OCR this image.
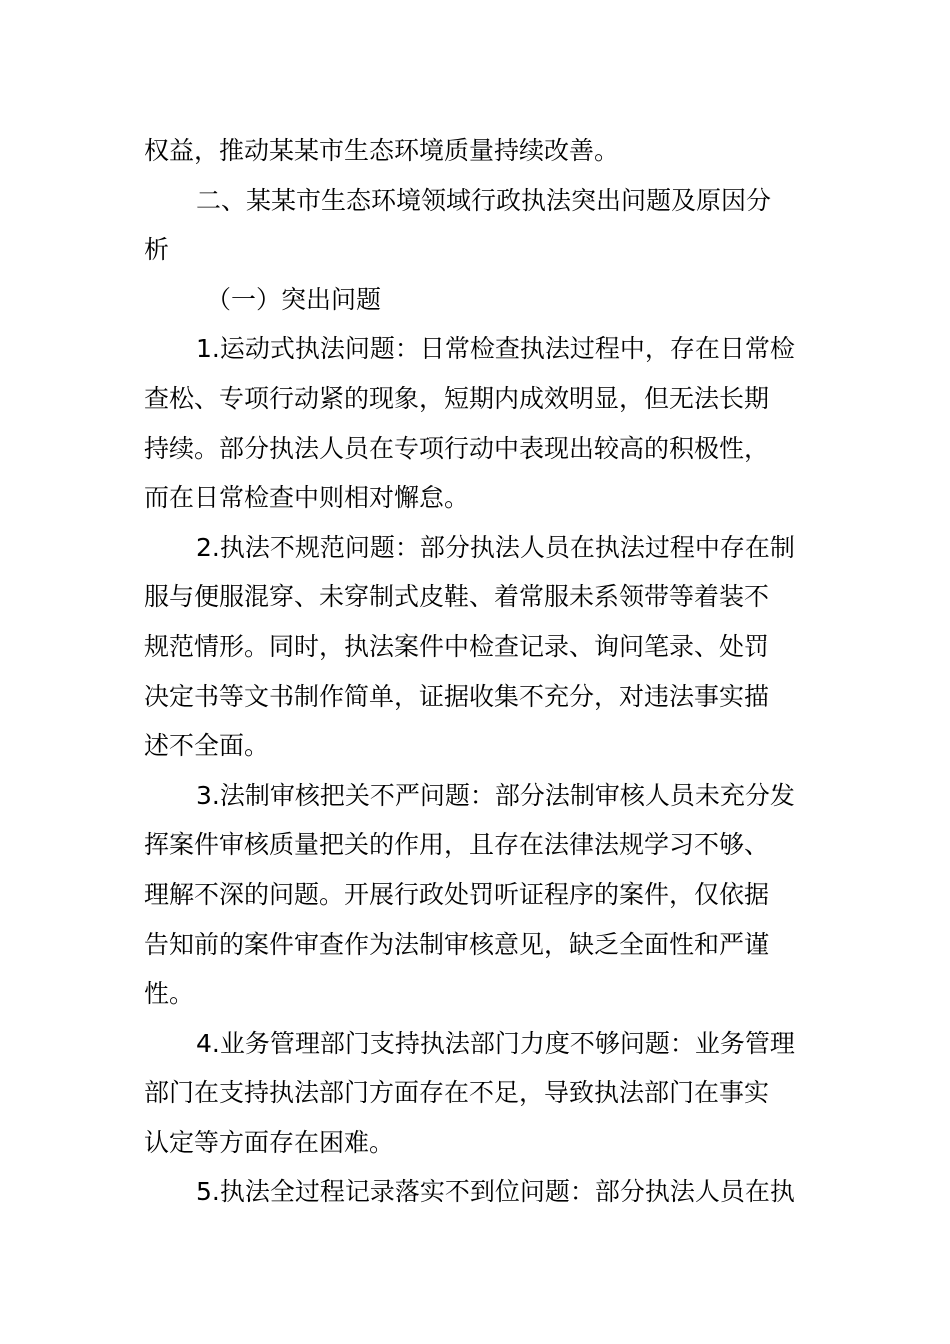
权益，推动某某市生态环境质量持续改善。
二、某某市生态环境领域行政执法突出问题及原因分
析
（一）突出问题
1.运动式执法问题：日常检查执法过程中，存在日常检
查松、专项行动紧的现象，短期内成效明显，但无法长期
持续。部分执法人员在专项行动中表现出较高的积极性，
而在日常检查中则相对懈怠。
2.执法不规范问题：部分执法人员在执法过程中存在制
服与便服混穿、未穿制式皮鞋、着常服未系领带等着装不
规范情形。同时，执法案件中检查记录、询问笔录、处罚
决定书等文书制作简单，证据收集不充分，对违法事实描
述不全面。
3.法制审核把关不严问题：部分法制审核人员未充分发
挥案件审核质量把关的作用，且存在法律法规学习不够、
理解不深的问题。开展行政处罚听证程序的案件，仅依据
告知前的案件审查作为法制审核意见，缺乏全面性和严谨
性。
4.业务管理部门支持执法部门力度不够问题：业务管理
部门在支持执法部门方面存在不足，导致执法部门在事实
认定等方面存在困难。
5.执法全过程记录落实不到位问题：部分执法人员在执
